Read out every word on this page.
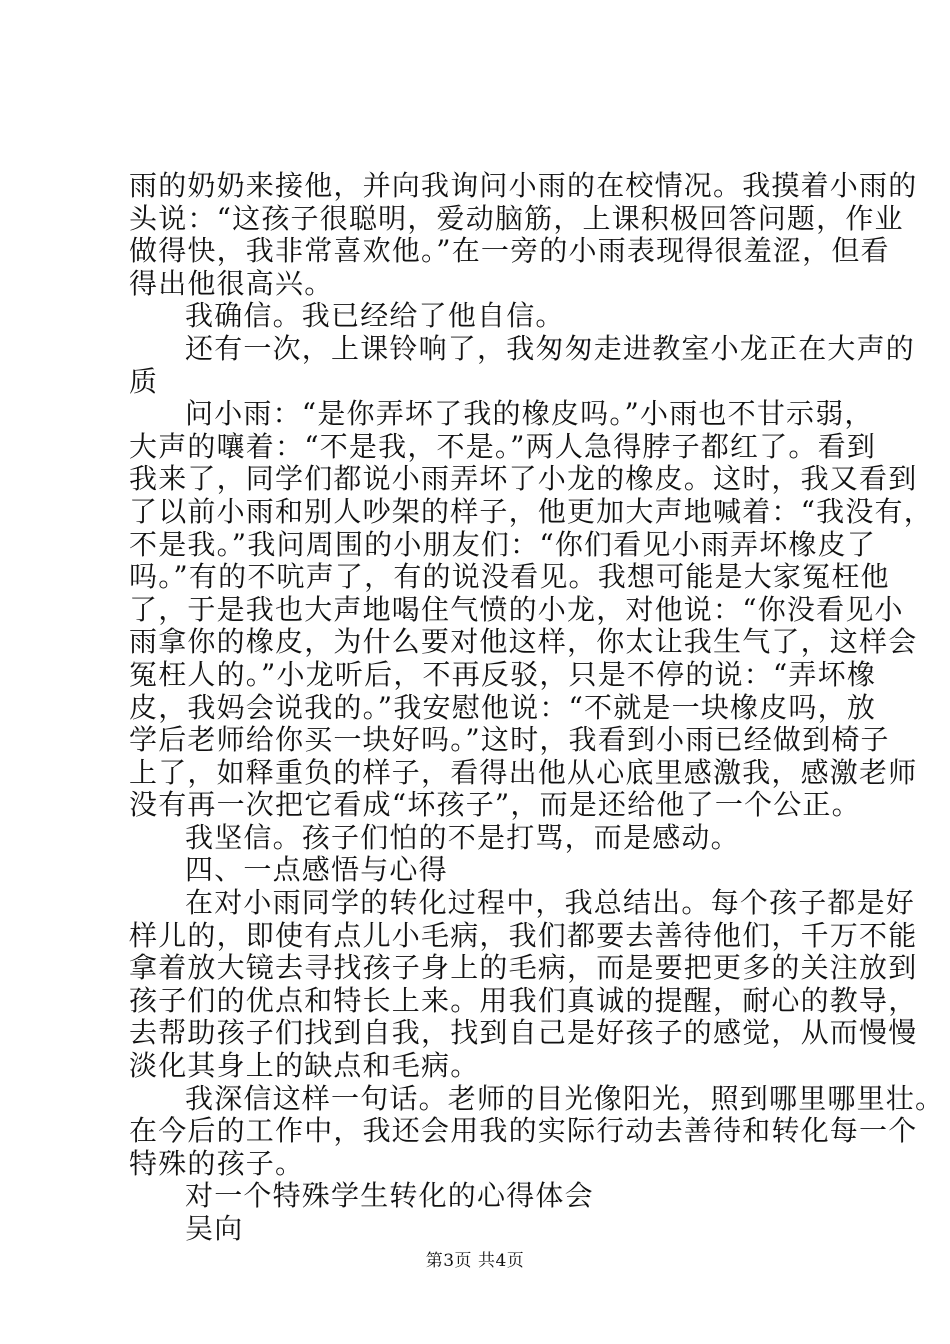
雨的奶奶来接他，并向我询问小雨的在校情况。我摸着小雨的

头说：“这孩子很聪明，爱动脑筋，上课积极回答问题，作业

做得快，我非常喜欢他。”在一旁的小雨表现得很羞涩，但看

得出他很高兴。

我确信。我已经给了他自信。

还有一次，上课铃响了，我匆匆走进教室小龙正在大声的

质

问小雨：“是你弄坏了我的橡皮吗。”小雨也不甘示弱，

大声的嚷着：“不是我，不是。”两人急得脖子都红了。看到

我来了，同学们都说小雨弄坏了小龙的橡皮。这时，我又看到

了以前小雨和别人吵架的样子，他更加大声地喊着：“我没有，

不是我。”我问周围的小朋友们：“你们看见小雨弄坏橡皮了

吗。”有的不吭声了，有的说没看见。我想可能是大家冤枉他

了，于是我也大声地喝住气愤的小龙，对他说：“你没看见小

雨拿你的橡皮，为什么要对他这样，你太让我生气了，这样会

冤枉人的。”小龙听后，不再反驳，只是不停的说：“弄坏橡

皮，我妈会说我的。”我安慰他说：“不就是一块橡皮吗，放

学后老师给你买一块好吗。”这时，我看到小雨已经做到椅子

上了，如释重负的样子，看得出他从心底里感激我，感激老师

没有再一次把它看成“坏孩子”，而是还给他了一个公正。

我坚信。孩子们怕的不是打骂，而是感动。

四、一点感悟与心得

在对小雨同学的转化过程中，我总结出。每个孩子都是好

样儿的，即使有点儿小毛病，我们都要去善待他们，千万不能

拿着放大镜去寻找孩子身上的毛病，而是要把更多的关注放到

孩子们的优点和特长上来。用我们真诚的提醒，耐心的教导，

去帮助孩子们找到自我，找到自己是好孩子的感觉，从而慢慢

淡化其身上的缺点和毛病。

我深信这样一句话。老师的目光像阳光，照到哪里哪里壮。

在今后的工作中，我还会用我的实际行动去善待和转化每一个

特殊的孩子。

对一个特殊学生转化的心得体会

吴向

第3页 共4页
